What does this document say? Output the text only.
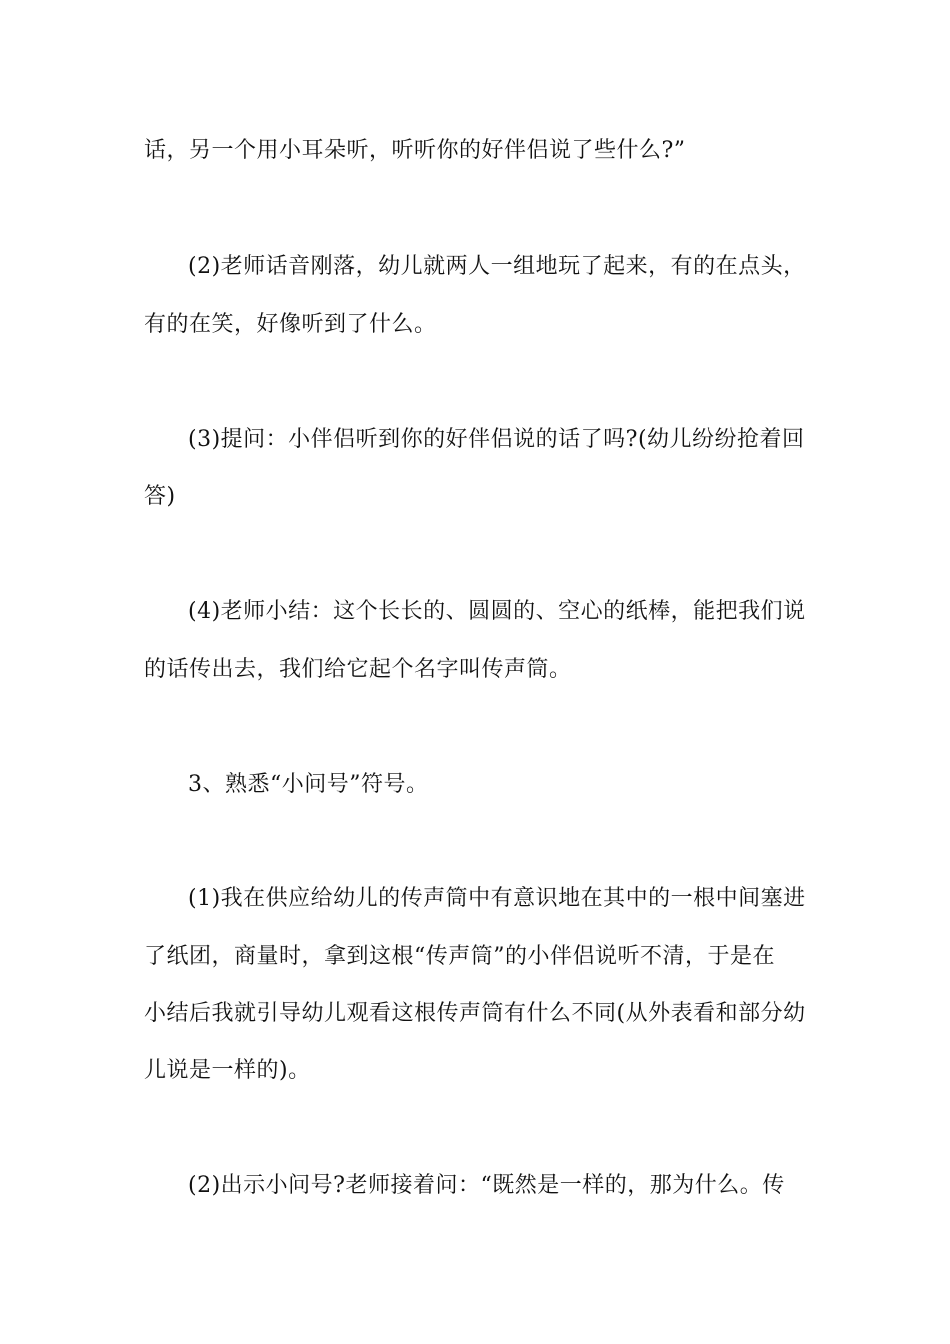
话，另一个用小耳朵听，听听你的好伴侣说了些什么?”
(2)老师话音刚落，幼儿就两人一组地玩了起来，有的在点头，
有的在笑，好像听到了什么。
(3)提问：小伴侣听到你的好伴侣说的话了吗?(幼儿纷纷抢着回
答)
(4)老师小结：这个长长的、圆圆的、空心的纸棒，能把我们说
的话传出去，我们给它起个名字叫传声筒。
3、熟悉“小问号”符号。
(1)我在供应给幼儿的传声筒中有意识地在其中的一根中间塞进
了纸团，商量时，拿到这根“传声筒”的小伴侣说听不清，于是在
小结后我就引导幼儿观看这根传声筒有什么不同(从外表看和部分幼
儿说是一样的)。
(2)出示小问号?老师接着问：“既然是一样的，那为什么。传
